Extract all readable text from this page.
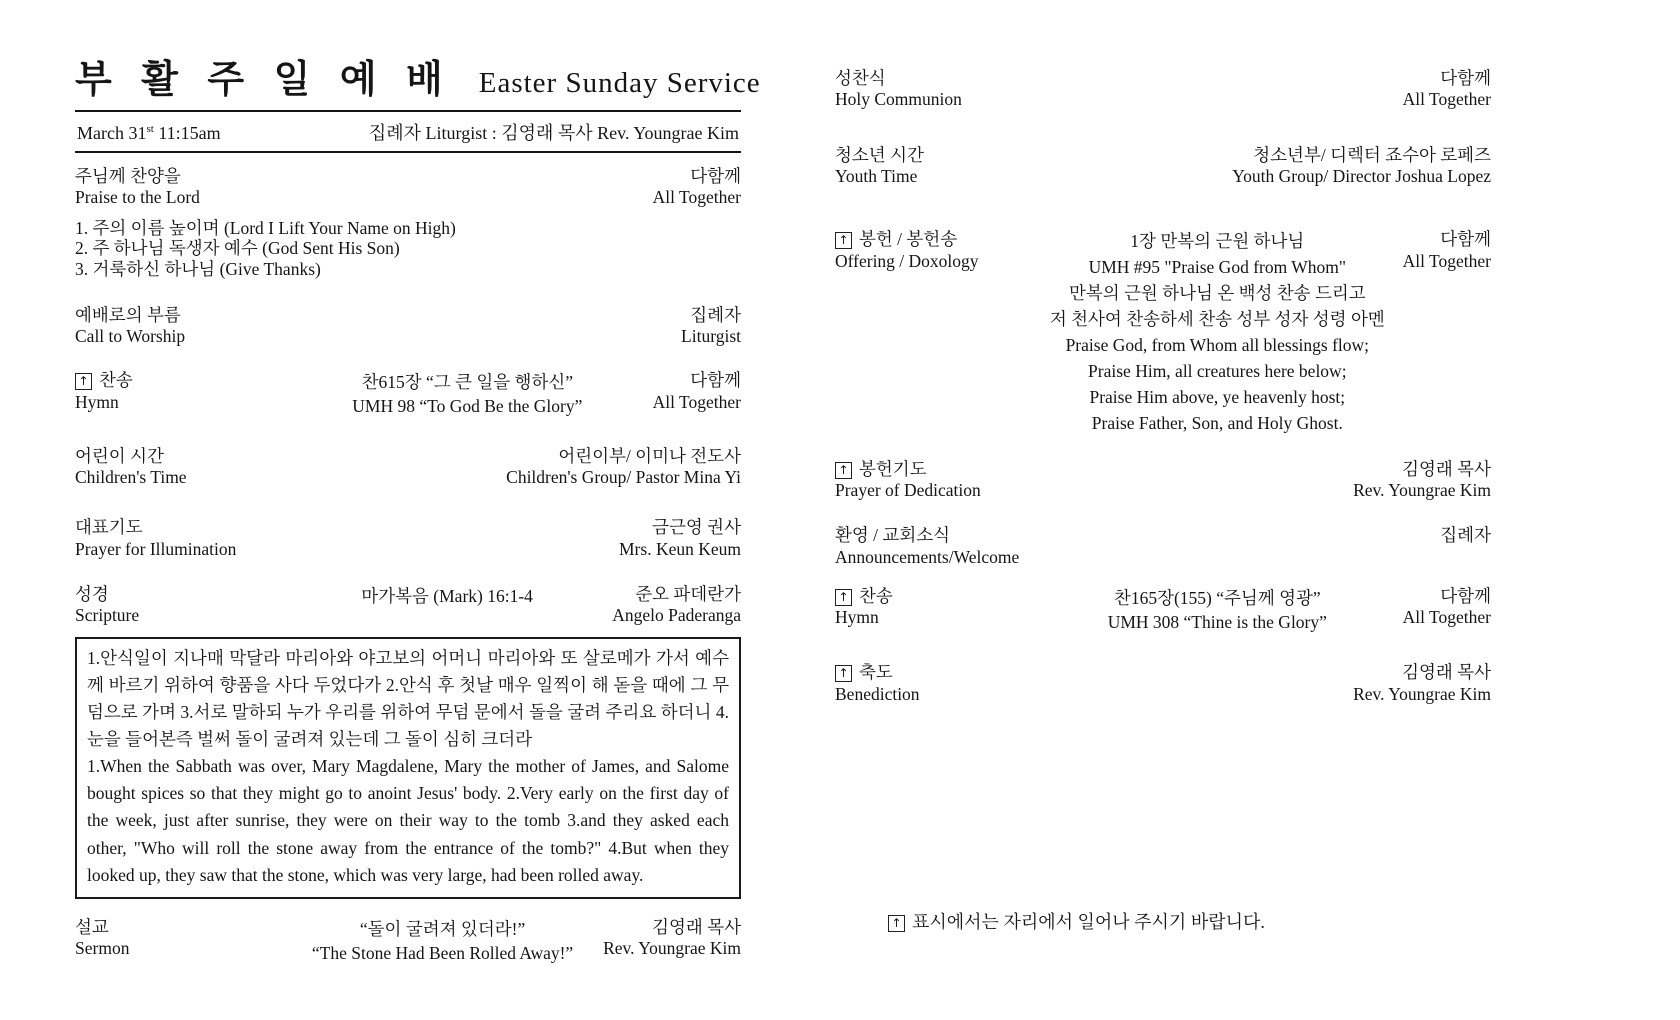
부 활 주 일 예 배 Easter Sunday Service
March 31st 11:15am	집례자 Liturgist : 김영래 목사 Rev. Youngrae Kim
주님께 찬양을
Praise to the Lord
다함께
All Together
1. 주의 이름 높이며 (Lord I Lift Your Name on High)
2. 주 하나님 독생자 예수 (God Sent His Son)
3. 거룩하신 하나님 (Give Thanks)
예배로의 부름
Call to Worship
집례자
Liturgist
↑ 찬송
Hymn
찬615장 “그 큰 일을 행하신”
UMH 98 “To God Be the Glory”
다함께
All Together
어린이 시간
Children's Time
어린이부/ 이미나 전도사
Children's Group/ Pastor Mina Yi
대표기도
Prayer for Illumination
금근영 권사
Mrs. Keun Keum
성경
Scripture
마가복음 (Mark) 16:1-4	준오 파데란가
Angelo Paderanga

1.안식일이 지나매 막달라 마리아와 야고보의 어머니 마리아와 또 살로메가 가서 예수께 바르기 위하여 향품을 사다 두었다가 2.안식 후 첫날 매우 일찍이 해 돋을 때에 그 무덤으로 가며 3.서로 말하되 누가 우리를 위하여 무덤 문에서 돌을 굴려 주리요 하더니 4.눈을 들어본즉 벌써 돌이 굴려져 있는데 그 돌이 심히 크더라

1.When the Sabbath was over, Mary Magdalene, Mary the mother of James, and Salome bought spices so that they might go to anoint Jesus' body. 2.Very early on the first day of the week, just after sunrise, they were on their way to the tomb 3.and they asked each other, "Who will roll the stone away from the entrance of the tomb?" 4.But when they looked up, they saw that the stone, which was very large, had been rolled away.

설교
Sermon
“돌이 굴려져 있더라!”
“The Stone Had Been Rolled Away!”
김영래 목사
Rev. Youngrae Kim
성찬식
Holy Communion
다함께
All Together
청소년 시간
Youth Time
청소년부/ 디렉터 죠수아 로페즈
Youth Group/ Director Joshua Lopez
↑ 봉헌 / 봉헌송
Offering / Doxology
1장 만복의 근원 하나님
UMH #95 "Praise God from Whom"
만복의 근원 하나님 온 백성 찬송 드리고
저 천사여 찬송하세 찬송 성부 성자 성령 아멘
Praise God, from Whom all blessings flow;
Praise Him, all creatures here below;
Praise Him above, ye heavenly host;
Praise Father, Son, and Holy Ghost.
다함께
All Together
↑ 봉헌기도
Prayer of Dedication
김영래 목사
Rev. Youngrae Kim
환영 / 교회소식
Announcements/Welcome
집례자
↑ 찬송
Hymn
찬165장(155) “주님께 영광”
UMH 308 “Thine is the Glory”
다함께
All Together
↑ 축도
Benediction
김영래 목사
Rev. Youngrae Kim
↑ 표시에서는 자리에서 일어나 주시기 바랍니다.
